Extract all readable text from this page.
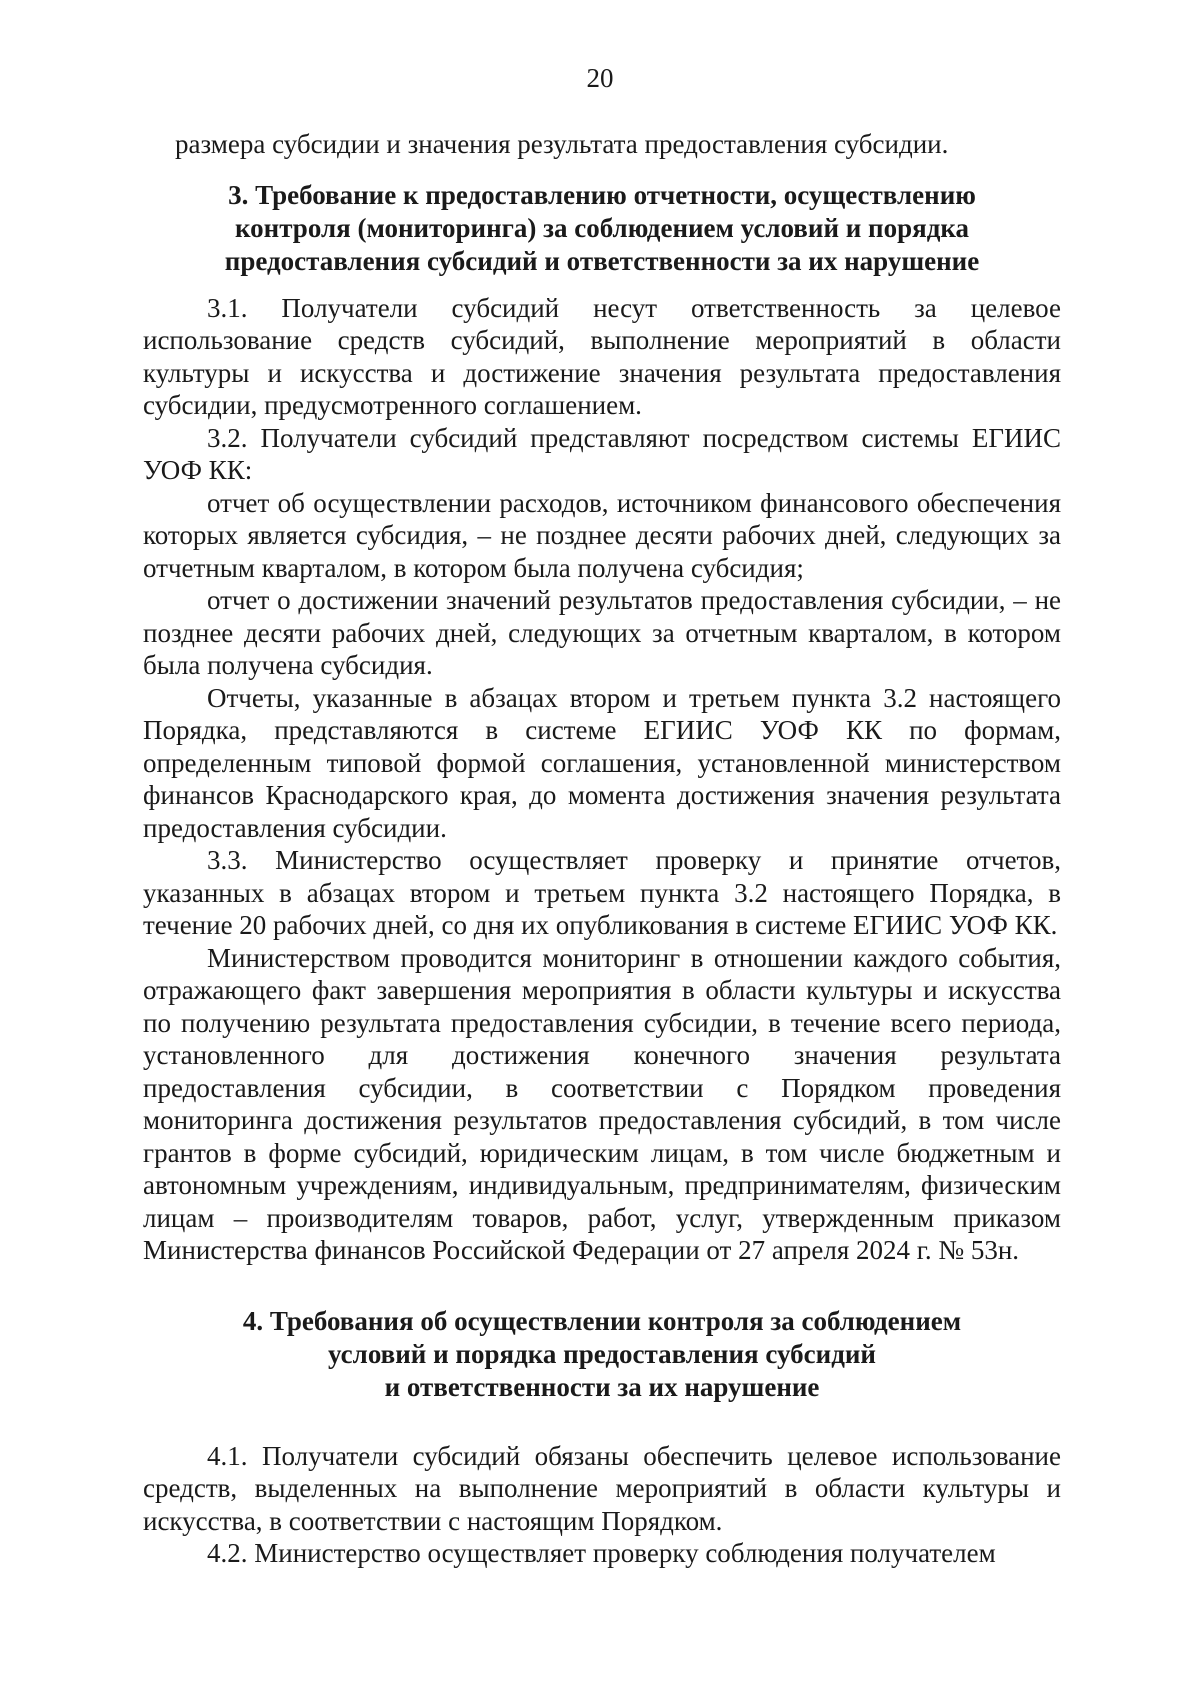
20

размера субсидии и значения результата предоставления субсидии.

3. Требование к предоставлению отчетности, осуществлению
контроля (мониторинга) за соблюдением условий и порядка
предоставления субсидий и ответственности за их нарушение

3.1. Получатели субсидий несут ответственность за целевое использование средств субсидий, выполнение мероприятий в области культуры и искусства и достижение значения результата предоставления субсидии, предусмотренного соглашением.

3.2. Получатели субсидий представляют посредством системы ЕГИИС УОФ КК:

отчет об осуществлении расходов, источником финансового обеспечения которых является субсидия, – не позднее десяти рабочих дней, следующих за отчетным кварталом, в котором была получена субсидия;

отчет о достижении значений результатов предоставления субсидии, – не позднее десяти рабочих дней, следующих за отчетным кварталом, в котором была получена субсидия.

Отчеты, указанные в абзацах втором и третьем пункта 3.2 настоящего Порядка, представляются в системе ЕГИИС УОФ КК по формам, определенным типовой формой соглашения, установленной министерством финансов Краснодарского края, до момента достижения значения результата предоставления субсидии.

3.3. Министерство осуществляет проверку и принятие отчетов, указанных в абзацах втором и третьем пункта 3.2 настоящего Порядка, в течение 20 рабочих дней, со дня их опубликования в системе ЕГИИС УОФ КК.

Министерством проводится мониторинг в отношении каждого события, отражающего факт завершения мероприятия в области культуры и искусства по получению результата предоставления субсидии, в течение всего периода, установленного для достижения конечного значения результата предоставления субсидии, в соответствии с Порядком проведения мониторинга достижения результатов предоставления субсидий, в том числе грантов в форме субсидий, юридическим лицам, в том числе бюджетным и автономным учреждениям, индивидуальным, предпринимателям, физическим лицам – производителям товаров, работ, услуг, утвержденным приказом Министерства финансов Российской Федерации от 27 апреля 2024 г. № 53н.

4. Требования об осуществлении контроля за соблюдением
условий и порядка предоставления субсидий
и ответственности за их нарушение

4.1. Получатели субсидий обязаны обеспечить целевое использование средств, выделенных на выполнение мероприятий в области культуры и искусства, в соответствии с настоящим Порядком.

4.2. Министерство осуществляет проверку соблюдения получателем
